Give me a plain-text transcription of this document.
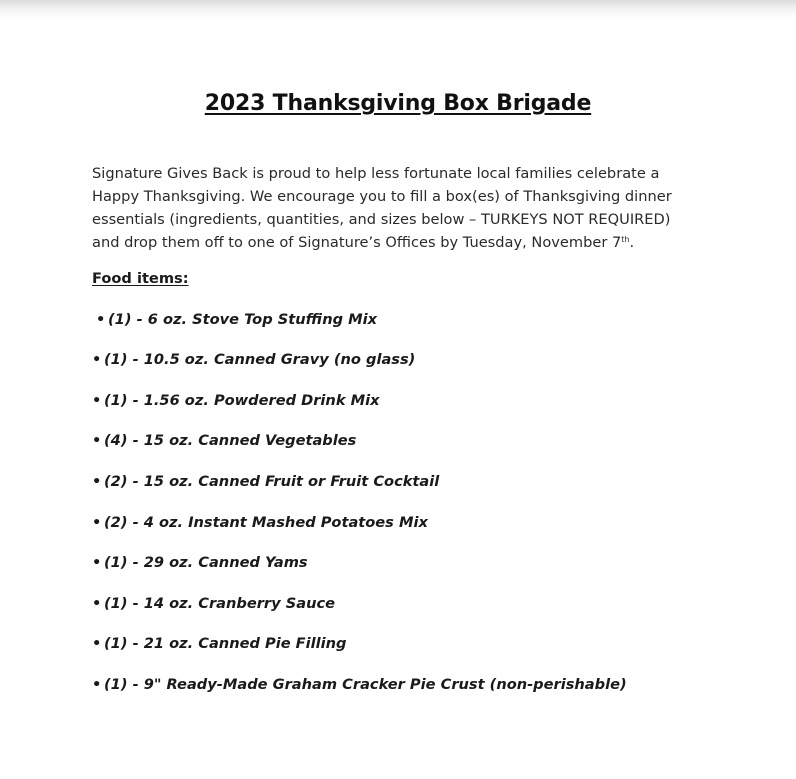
2023 Thanksgiving Box Brigade

Signature Gives Back is proud to help less fortunate local families celebrate a
Happy Thanksgiving. We encourage you to fill a box(es) of Thanksgiving dinner
essentials (ingredients, quantities, and sizes below – TURKEYS NOT REQUIRED)
and drop them off to one of Signature’s Offices by Tuesday, November 7th.

Food items:
• (1) - 6 oz. Stove Top Stuffing Mix
• (1) - 10.5 oz. Canned Gravy (no glass)
• (1) - 1.56 oz. Powdered Drink Mix
• (4) - 15 oz. Canned Vegetables
• (2) - 15 oz. Canned Fruit or Fruit Cocktail
• (2) - 4 oz. Instant Mashed Potatoes Mix
• (1) - 29 oz. Canned Yams
• (1) - 14 oz. Cranberry Sauce
• (1) - 21 oz. Canned Pie Filling
• (1) - 9" Ready-Made Graham Cracker Pie Crust (non-perishable)
